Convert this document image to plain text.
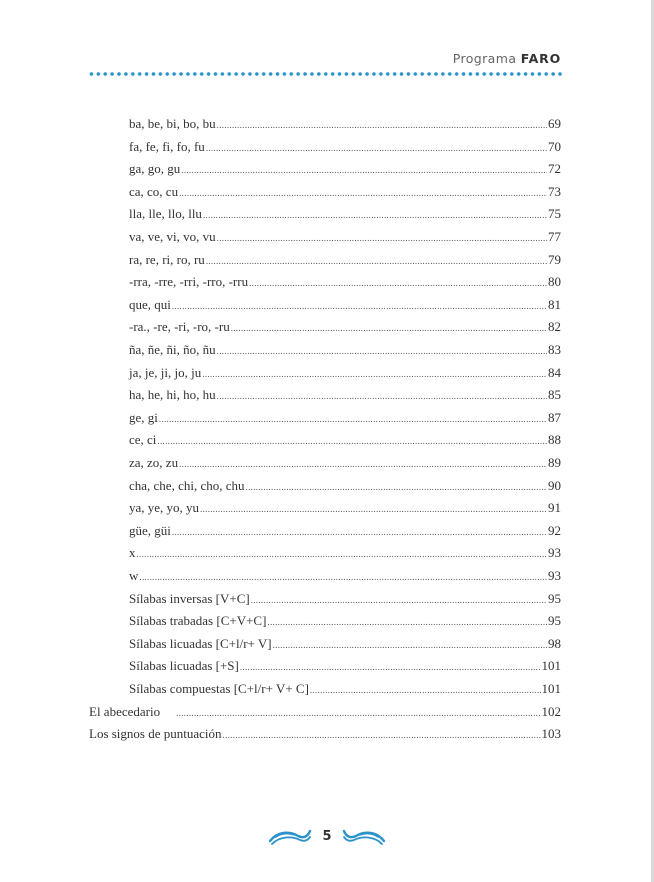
Programa FARO
ba, be, bi, bo, bu .....	69
fa, fe, fi, fo, fu .....	70
ga, go, gu .....	72
ca, co, cu .....	73
lla, lle, llo, llu .....	75
va, ve, vi, vo, vu .....	77
ra, re, ri, ro, ru .....	79
-rra, -rre, -rri, -rro, -rru .....	80
que, qui .....	81
-ra., -re, -ri, -ro, -ru .....	82
ña, ñe, ñi, ño, ñu .....	83
ja, je, ji, jo, ju .....	84
ha, he, hi, ho, hu .....	85
ge, gi .....	87
ce, ci .....	88
za, zo, zu .....	89
cha, che, chi, cho, chu .....	90
ya, ye, yo, yu .....	91
güe, güi .....	92
x .....	93
w .....	93
Sílabas inversas [V+C] .....	95
Sílabas trabadas [C+V+C] .....	95
Sílabas licuadas [C+l/r+ V] .....	98
Sílabas licuadas [+S] .....	101
Sílabas compuestas [C+l/r+ V+ C] .....	101
El abecedario .....	102
Los signos de puntuación .....	103
5
